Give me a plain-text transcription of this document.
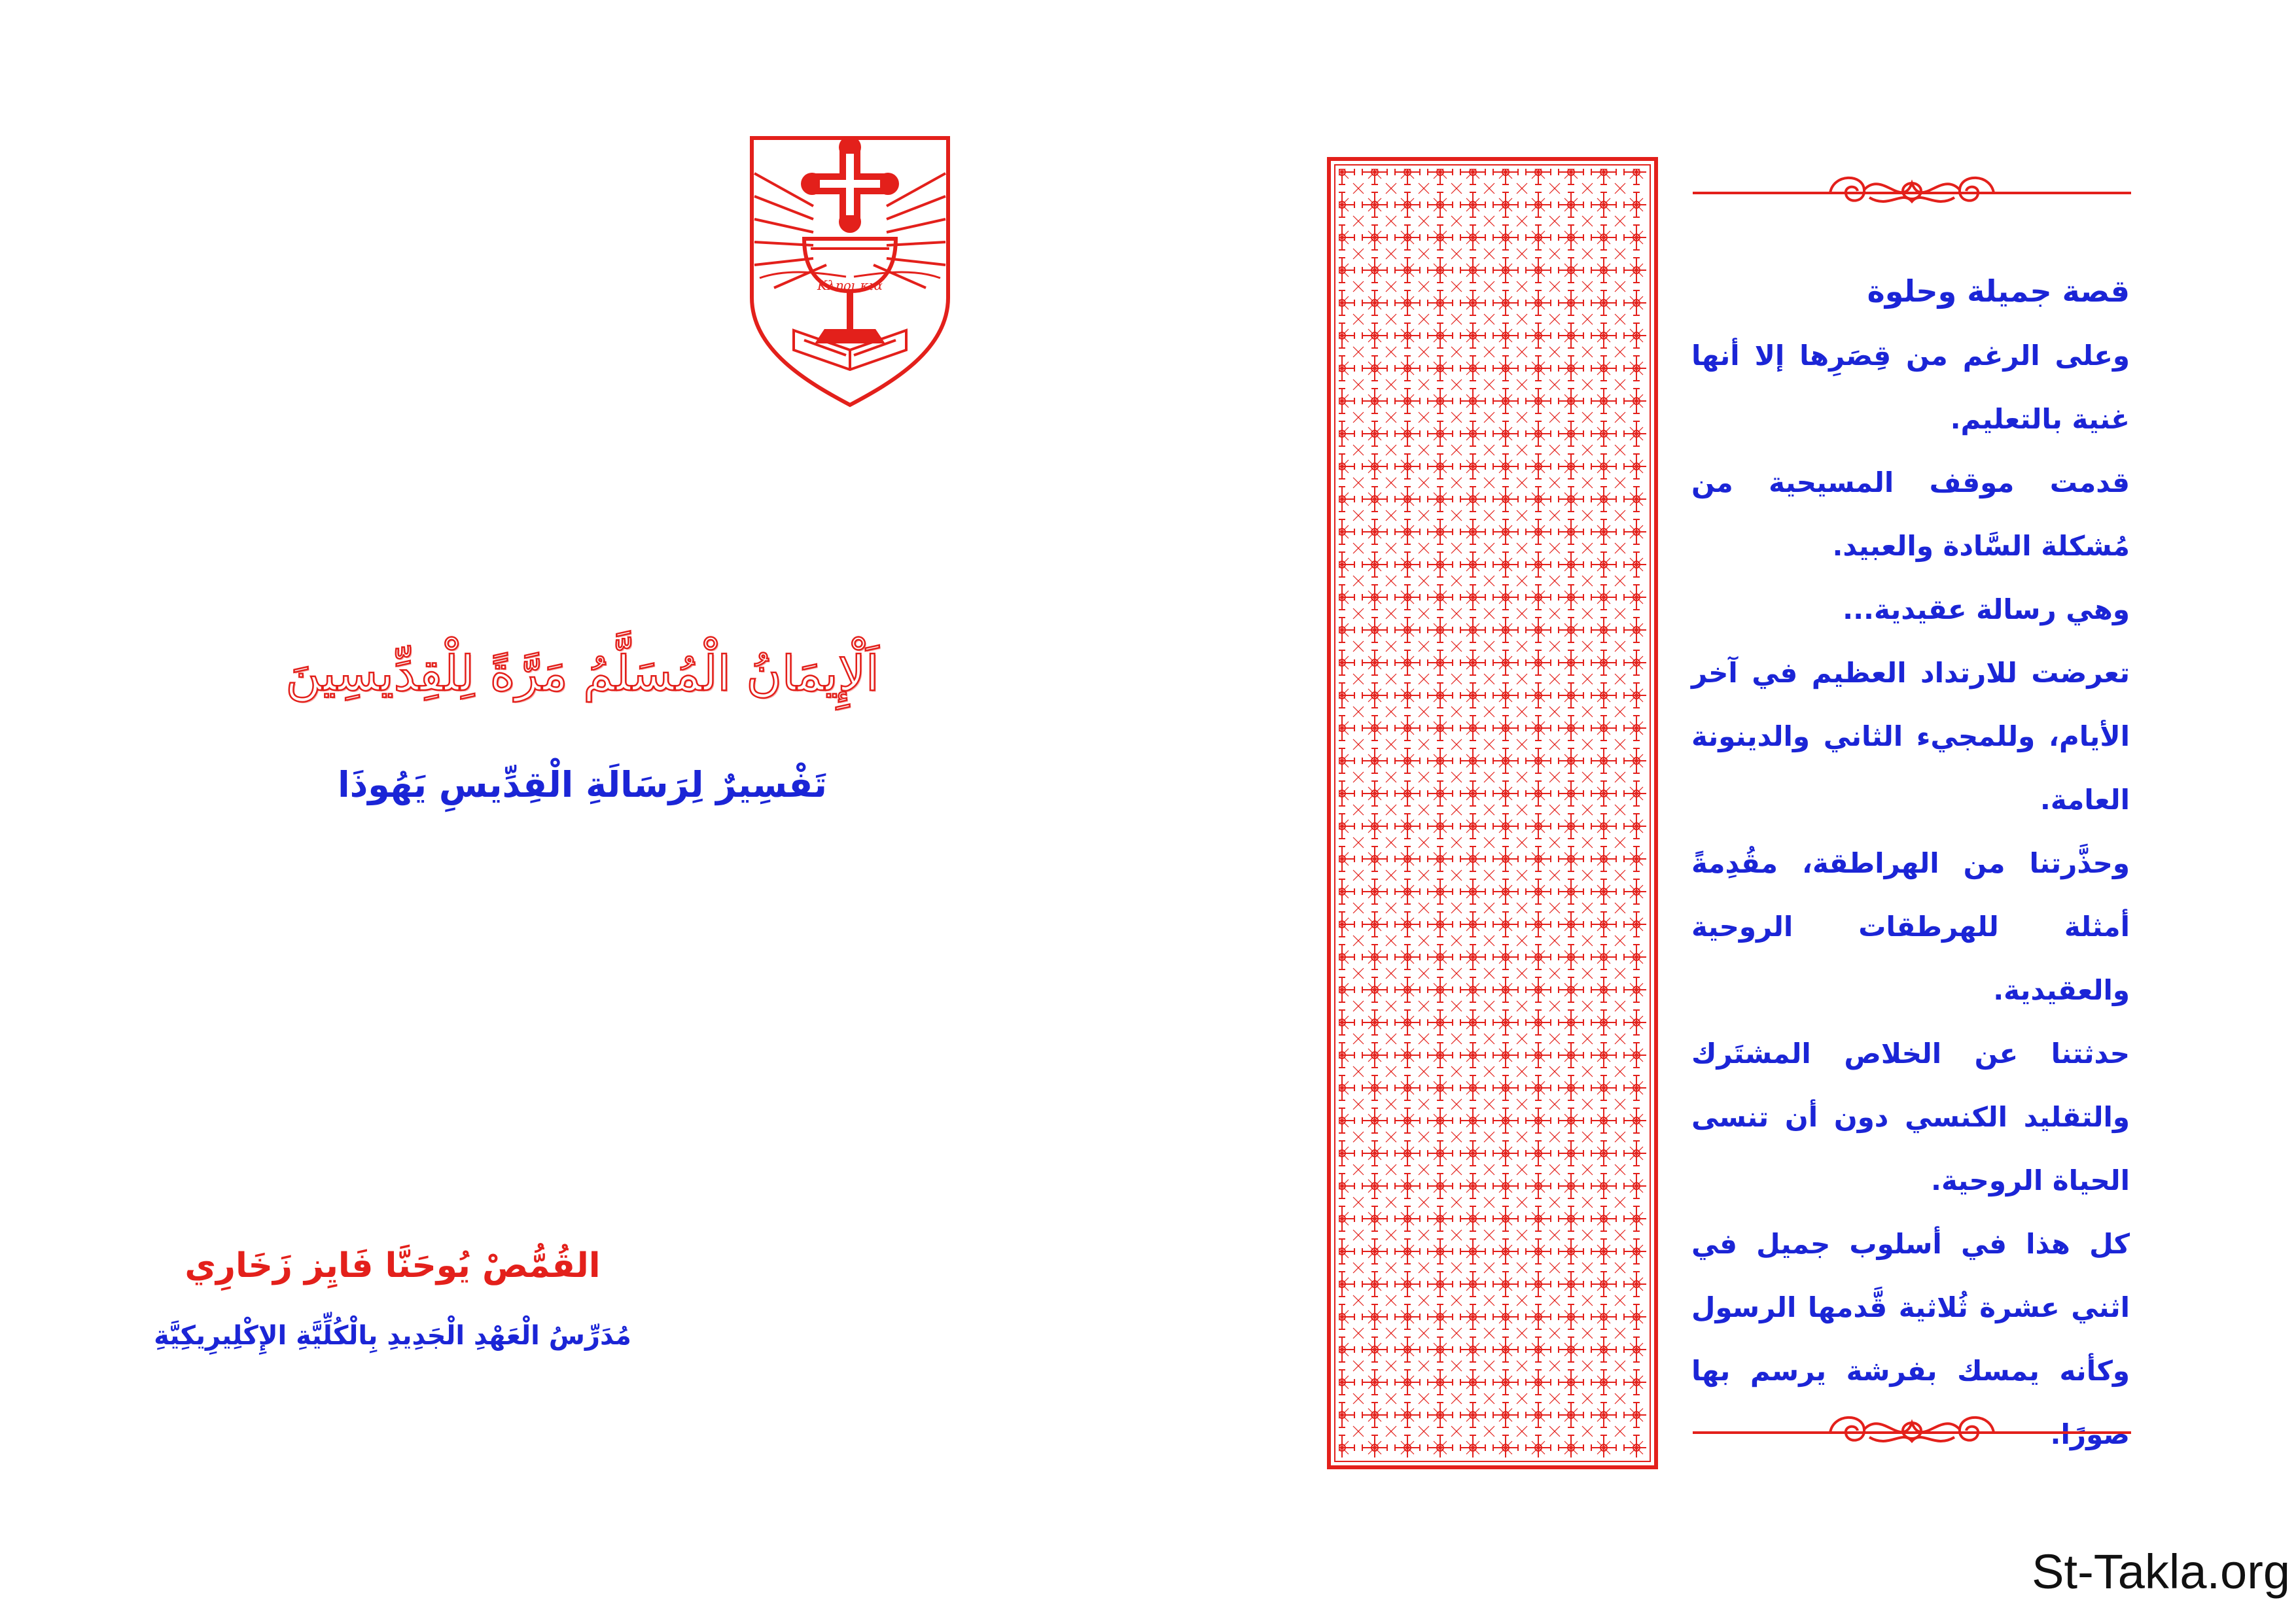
Κληρι κια
اَلْإِيمَانُ الْمُسَلَّمُ مَرَّةً لِلْقِدِّيسِينَ
تَفْسِيرٌ لِرَسَالَةِ الْقِدِّيسِ يَهُوذَا
القُمُّصْ يُوحَنَّا فَايِز زَخَارِي
مُدَرِّسُ الْعَهْدِ الْجَدِيدِ بِالْكُلِّيَّةِ الإِكْلِيرِيكِيَّةِ

قصة جميلة وحلوة

وعلى الرغم من قِصَرِها إلا أنها غنية بالتعليم.

قدمت موقف المسيحية من مُشكلة السَّادة والعبيد.

وهي رسالة عقيدية...

تعرضت للارتداد العظيم في آخر الأيام، وللمجيء الثاني والدينونة العامة.

وحذَّرتنا من الهراطقة، مقُدِمةً أمثلة للهرطقات الروحية والعقيدية.

حدثتنا عن الخلاص المشتَرك والتقليد الكنسي دون أن تنسى الحياة الروحية.

كل هذا في أسلوب جميل في اثني عشرة ثُلاثية قَّدمها الرسول وكأنه يمسك بفرشة يرسم بها صورًا.

St-Takla.org
